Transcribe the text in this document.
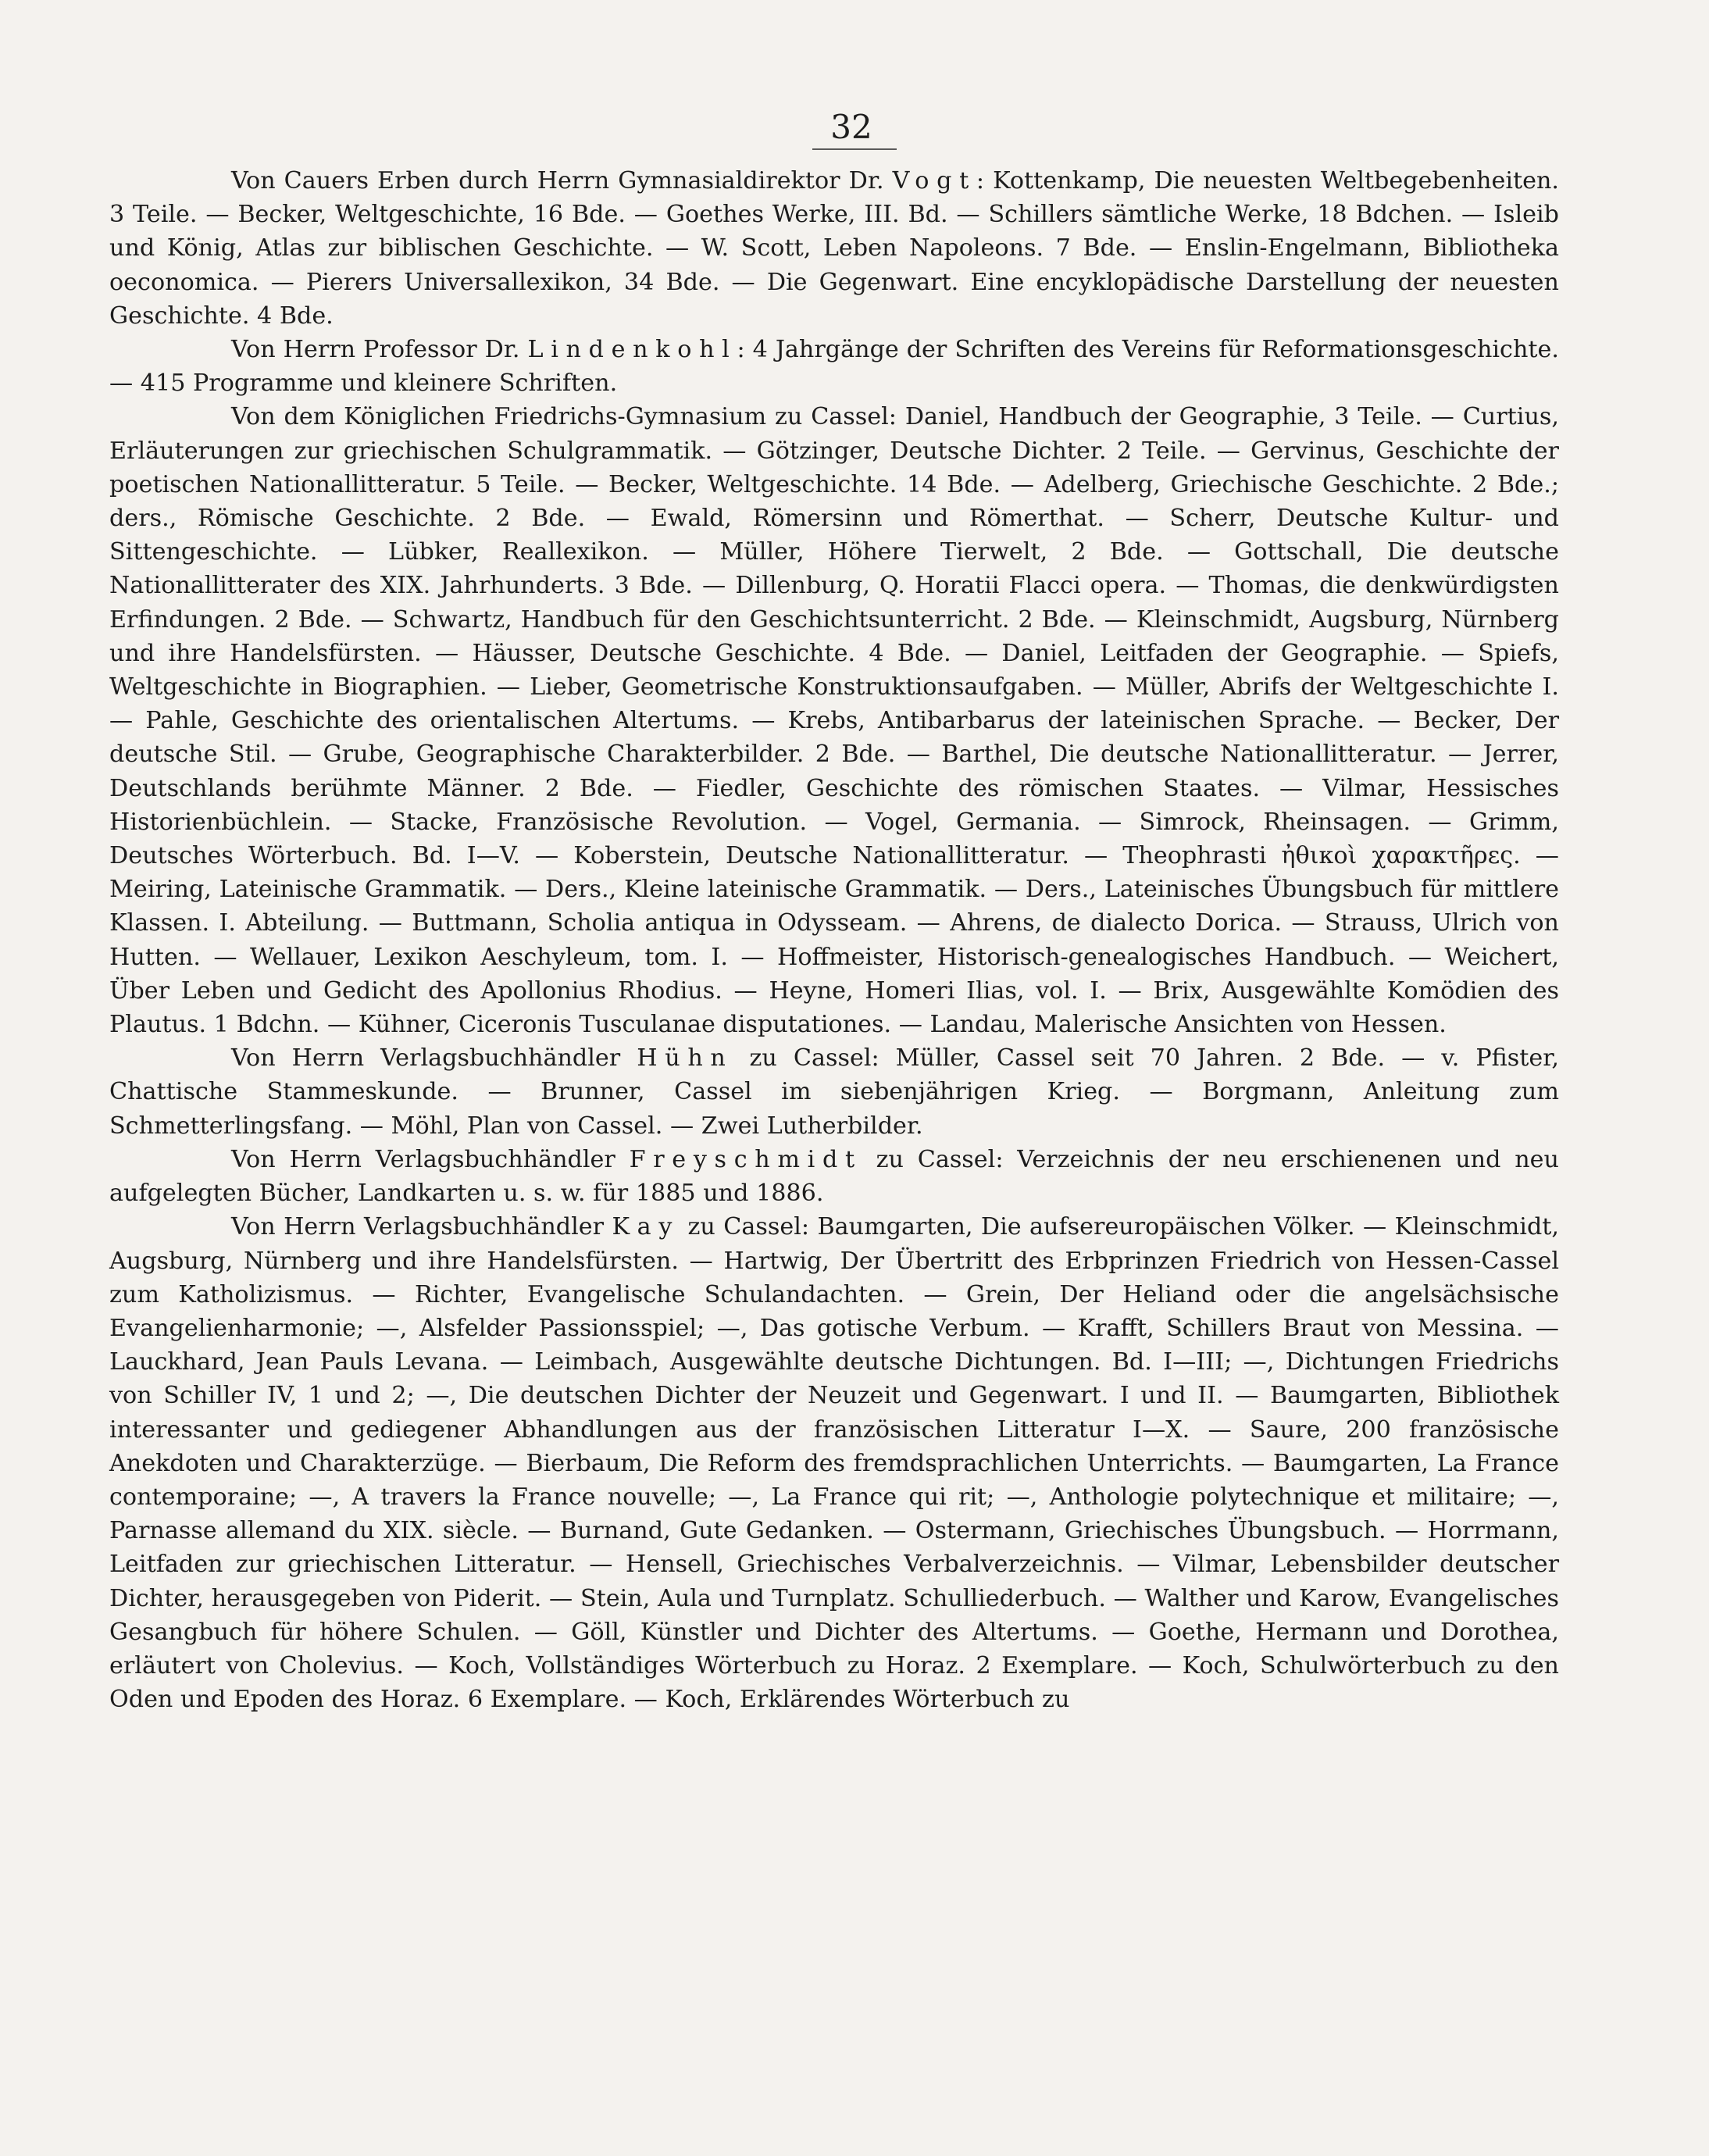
32

Von Cauers Erben durch Herrn Gymnasialdirektor Dr. Vogt: Kottenkamp, Die neuesten Weltbegebenheiten. 3 Teile. — Becker, Weltgeschichte, 16 Bde. — Goethes Werke, III. Bd. — Schillers sämtliche Werke, 18 Bdchen. — Isleib und König, Atlas zur biblischen Geschichte. — W. Scott, Leben Napoleons. 7 Bde. — Enslin-Engelmann, Bibliotheka oeconomica. — Pierers Universallexikon, 34 Bde. — Die Gegenwart. Eine encyklopädische Darstellung der neuesten Geschichte. 4 Bde.

Von Herrn Professor Dr. Lindenkohl: 4 Jahrgänge der Schriften des Vereins für Reformationsgeschichte. — 415 Programme und kleinere Schriften.

Von dem Königlichen Friedrichs-Gymnasium zu Cassel: Daniel, Handbuch der Geographie, 3 Teile. — Curtius, Erläuterungen zur griechischen Schulgrammatik. — Götzinger, Deutsche Dichter. 2 Teile. — Gervinus, Geschichte der poetischen Nationallitteratur. 5 Teile. — Becker, Weltgeschichte. 14 Bde. — Adelberg, Griechische Geschichte. 2 Bde.; ders., Römische Geschichte. 2 Bde. — Ewald, Römersinn und Römerthat. — Scherr, Deutsche Kultur- und Sittengeschichte. — Lübker, Reallexikon. — Müller, Höhere Tierwelt, 2 Bde. — Gottschall, Die deutsche Nationallitterater des XIX. Jahrhunderts. 3 Bde. — Dillenburg, Q. Horatii Flacci opera. — Thomas, die denkwürdigsten Erfindungen. 2 Bde. — Schwartz, Handbuch für den Geschichtsunterricht. 2 Bde. — Kleinschmidt, Augsburg, Nürnberg und ihre Handelsfürsten. — Häusser, Deutsche Geschichte. 4 Bde. — Daniel, Leitfaden der Geographie. — Spiefs, Weltgeschichte in Biographien. — Lieber, Geometrische Konstruktionsaufgaben. — Müller, Abrifs der Weltgeschichte I. — Pahle, Geschichte des orientalischen Altertums. — Krebs, Antibarbarus der lateinischen Sprache. — Becker, Der deutsche Stil. — Grube, Geographische Charakterbilder. 2 Bde. — Barthel, Die deutsche Nationallitteratur. — Jerrer, Deutschlands berühmte Männer. 2 Bde. — Fiedler, Geschichte des römischen Staates. — Vilmar, Hessisches Historienbüchlein. — Stacke, Französische Revolution. — Vogel, Germania. — Simrock, Rheinsagen. — Grimm, Deutsches Wörterbuch. Bd. I—V. — Koberstein, Deutsche Nationallitteratur. — Theophrasti ἠθικοὶ χαρακτῆρες. — Meiring, Lateinische Grammatik. — Ders., Kleine lateinische Grammatik. — Ders., Lateinisches Übungsbuch für mittlere Klassen. I. Abteilung. — Buttmann, Scholia antiqua in Odysseam. — Ahrens, de dialecto Dorica. — Strauss, Ulrich von Hutten. — Wellauer, Lexikon Aeschyleum, tom. I. — Hoffmeister, Historisch-genealogisches Handbuch. — Weichert, Über Leben und Gedicht des Apollonius Rhodius. — Heyne, Homeri Ilias, vol. I. — Brix, Ausgewählte Komödien des Plautus. 1 Bdchn. — Kühner, Ciceronis Tusculanae disputationes. — Landau, Malerische Ansichten von Hessen.

Von Herrn Verlagsbuchhändler Hühn zu Cassel: Müller, Cassel seit 70 Jahren. 2 Bde. — v. Pfister, Chattische Stammeskunde. — Brunner, Cassel im siebenjährigen Krieg. — Borgmann, Anleitung zum Schmetterlingsfang. — Möhl, Plan von Cassel. — Zwei Lutherbilder.

Von Herrn Verlagsbuchhändler Freyschmidt zu Cassel: Verzeichnis der neu erschienenen und neu aufgelegten Bücher, Landkarten u. s. w. für 1885 und 1886.

Von Herrn Verlagsbuchhändler Kay zu Cassel: Baumgarten, Die aufsereuropäischen Völker. — Kleinschmidt, Augsburg, Nürnberg und ihre Handelsfürsten. — Hartwig, Der Übertritt des Erbprinzen Friedrich von Hessen-Cassel zum Katholizismus. — Richter, Evangelische Schulandachten. — Grein, Der Heliand oder die angelsächsische Evangelienharmonie; —, Alsfelder Passionsspiel; —, Das gotische Verbum. — Krafft, Schillers Braut von Messina. — Lauckhard, Jean Pauls Levana. — Leimbach, Ausgewählte deutsche Dichtungen. Bd. I—III; —, Dichtungen Friedrichs von Schiller IV, 1 und 2; —, Die deutschen Dichter der Neuzeit und Gegenwart. I und II. — Baumgarten, Bibliothek interessanter und gediegener Abhandlungen aus der französischen Litteratur I—X. — Saure, 200 französische Anekdoten und Charakterzüge. — Bierbaum, Die Reform des fremdsprachlichen Unterrichts. — Baumgarten, La France contemporaine; —, A travers la France nouvelle; —, La France qui rit; —, Anthologie polytechnique et militaire; —, Parnasse allemand du XIX. siècle. — Burnand, Gute Gedanken. — Ostermann, Griechisches Übungsbuch. — Horrmann, Leitfaden zur griechischen Litteratur. — Hensell, Griechisches Verbalverzeichnis. — Vilmar, Lebensbilder deutscher Dichter, herausgegeben von Piderit. — Stein, Aula und Turnplatz. Schulliederbuch. — Walther und Karow, Evangelisches Gesangbuch für höhere Schulen. — Göll, Künstler und Dichter des Altertums. — Goethe, Hermann und Dorothea, erläutert von Cholevius. — Koch, Vollständiges Wörterbuch zu Horaz. 2 Exemplare. — Koch, Schulwörterbuch zu den Oden und Epoden des Horaz. 6 Exemplare. — Koch, Erklärendes Wörterbuch zu
